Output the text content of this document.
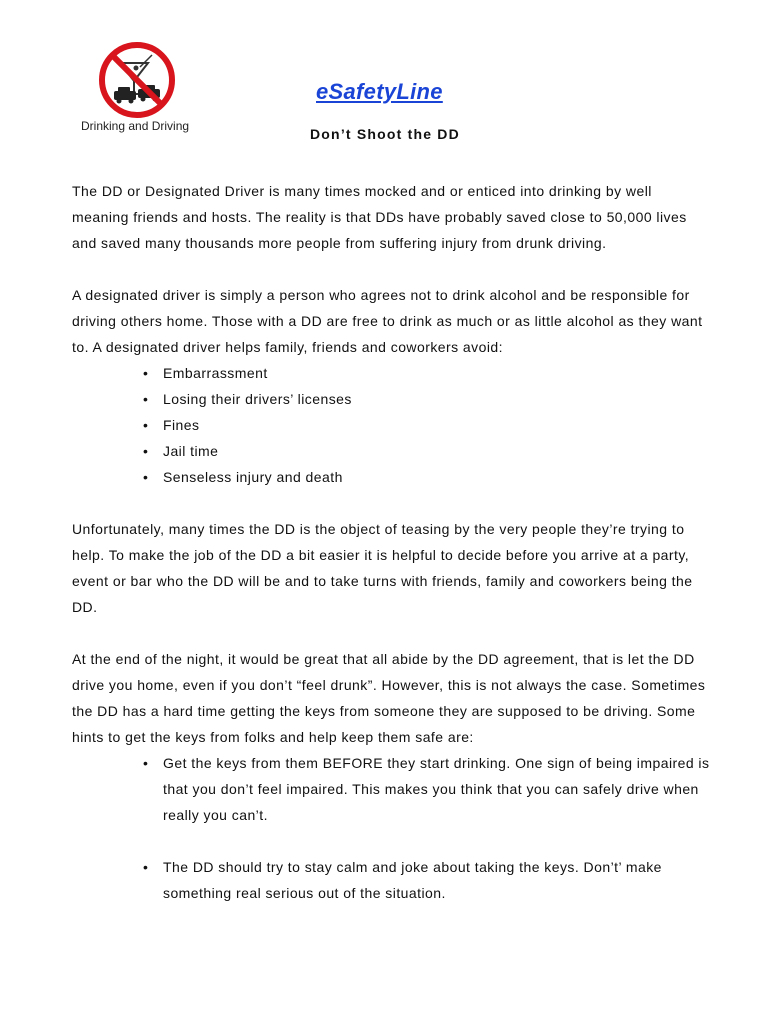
Drinking and Driving
eSafetyLine
Don’t Shoot the DD

The DD or Designated Driver is many times mocked and or enticed into drinking by well meaning friends and hosts. The reality is that DDs have probably saved close to 50,000 lives and saved many thousands more people from suffering injury from drunk driving.

A designated driver is simply a person who agrees not to drink alcohol and be responsible for driving others home. Those with a DD are free to drink as much or as little alcohol as they want to. A designated driver helps family, friends and coworkers avoid:

• Embarrassment
• Losing their drivers’ licenses
• Fines
• Jail time
• Senseless injury and death

Unfortunately, many times the DD is the object of teasing by the very people they’re trying to help. To make the job of the DD a bit easier it is helpful to decide before you arrive at a party, event or bar who the DD will be and to take turns with friends, family and coworkers being the DD.

At the end of the night, it would be great that all abide by the DD agreement, that is let the DD drive you home, even if you don’t “feel drunk”. However, this is not always the case. Sometimes the DD has a hard time getting the keys from someone they are supposed to be driving. Some hints to get the keys from folks and help keep them safe are:

• Get the keys from them BEFORE they start drinking. One sign of being impaired is that you don’t feel impaired. This makes you think that you can safely drive when really you can’t.
• The DD should try to stay calm and joke about taking the keys. Don’t’ make something real serious out of the situation.
